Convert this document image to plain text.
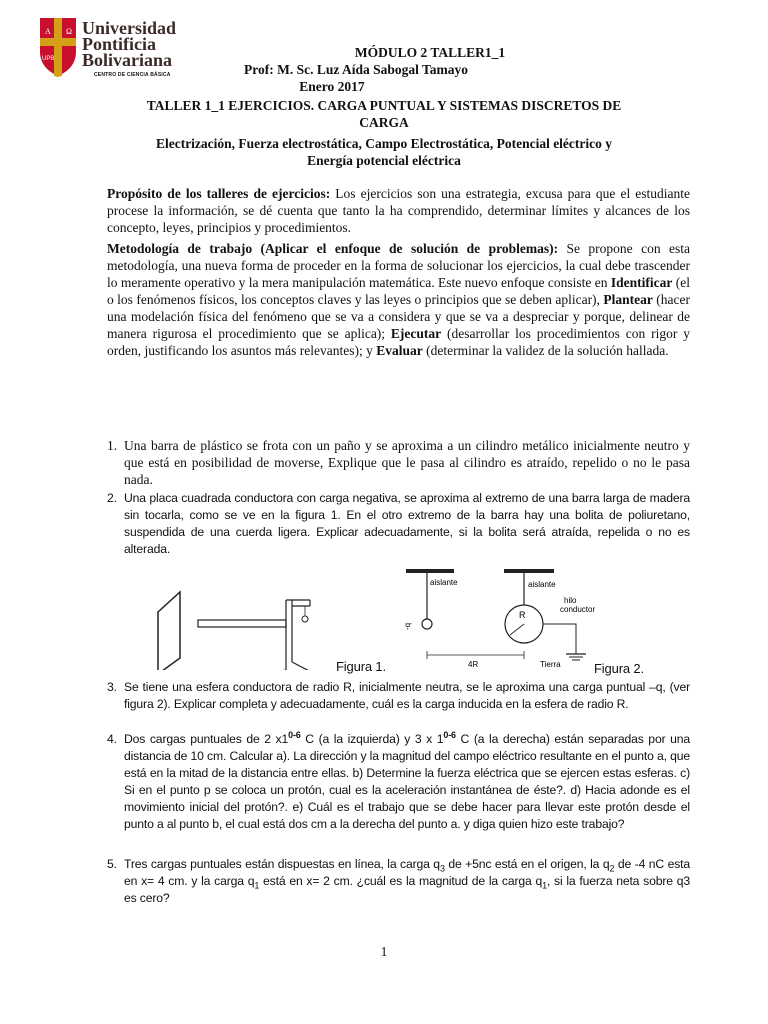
A Ω
UPB
Universidad
Pontificia
Bolivariana
CENTRO DE CIENCIA BÁSICA
MÓDULO 2 TALLER1_1
Prof: M. Sc. Luz Aída Sabogal Tamayo
Enero 2017
TALLER 1_1 EJERCICIOS. CARGA PUNTUAL Y SISTEMAS DISCRETOS DE
CARGA
Electrización, Fuerza electrostática, Campo Electrostática, Potencial eléctrico y
Energía potencial eléctrica
Propósito de los talleres de ejercicios: Los ejercicios son una estrategia, excusa para que el estudiante procese la información, se dé cuenta que tanto la ha comprendido, determinar límites y alcances de los concepto, leyes, principios y procedimientos.
Metodología de trabajo (Aplicar el enfoque de solución de problemas): Se propone con esta metodología, una nueva forma de proceder en la forma de solucionar los ejercicios, la cual debe trascender lo meramente operativo y la mera manipulación matemática. Este nuevo enfoque consiste en Identificar (el o los fenómenos físicos, los conceptos claves y las leyes o principios que se deben aplicar), Plantear (hacer una modelación física del fenómeno que se va a considera y que se va a despreciar y porque, delinear de manera rigurosa el procedimiento que se aplica); Ejecutar (desarrollar los procedimientos con rigor y orden, justificando los asuntos más relevantes); y Evaluar (determinar la validez de la solución hallada.
1. Una barra de plástico se frota con un paño y se aproxima a un cilindro metálico inicialmente neutro y que está en posibilidad de moverse, Explique que le pasa al cilindro es atraído, repelido o no le pasa nada.
2. Una placa cuadrada conductora con carga negativa, se aproxima al extremo de una barra larga de madera sin tocarla, como se ve en la figura 1. En el otro extremo de la barra hay una bolita de poliuretano, suspendida de una cuerda ligera. Explicar adecuadamente, si la bolita será atraída, repelida o no es alterada.
Figura 1.
aislante
-q
aislante
R
hilo
conductor
4R	Tierra	Figura 2.
3. Se tiene una esfera conductora de radio R, inicialmente neutra, se le aproxima una carga puntual –q, (ver figura 2). Explicar completa y adecuadamente, cuál es la carga inducida en la esfera de radio R.
4. Dos cargas puntuales de 2 x1$^{0-6}$ C (a la izquierda) y 3 x 1$^{0-6}$ C (a la derecha) están separadas por una distancia de 10 cm. Calcular a). La dirección y la magnitud del campo eléctrico resultante en el punto a, que está en la mitad de la distancia entre ellas. b) Determine la fuerza eléctrica que se ejercen estas esferas. c) Si en el punto p se coloca un protón, cual es la aceleración instantánea de éste?. d) Hacia adonde es el movimiento inicial del protón?. e) Cuál es el trabajo que se debe hacer para llevar este protón desde el punto a al punto b, el cual está dos cm a la derecha del punto a. y diga quien hizo este trabajo?
5. Tres cargas puntuales están dispuestas en línea, la carga $q_3$ de +5nc está en el origen, la $q_2$ de -4 nC esta en x= 4 cm. y la carga $q_1$ está en x= 2 cm. ¿cuál es la magnitud de la carga $q_1$, si la fuerza neta sobre q3 es cero?
1
